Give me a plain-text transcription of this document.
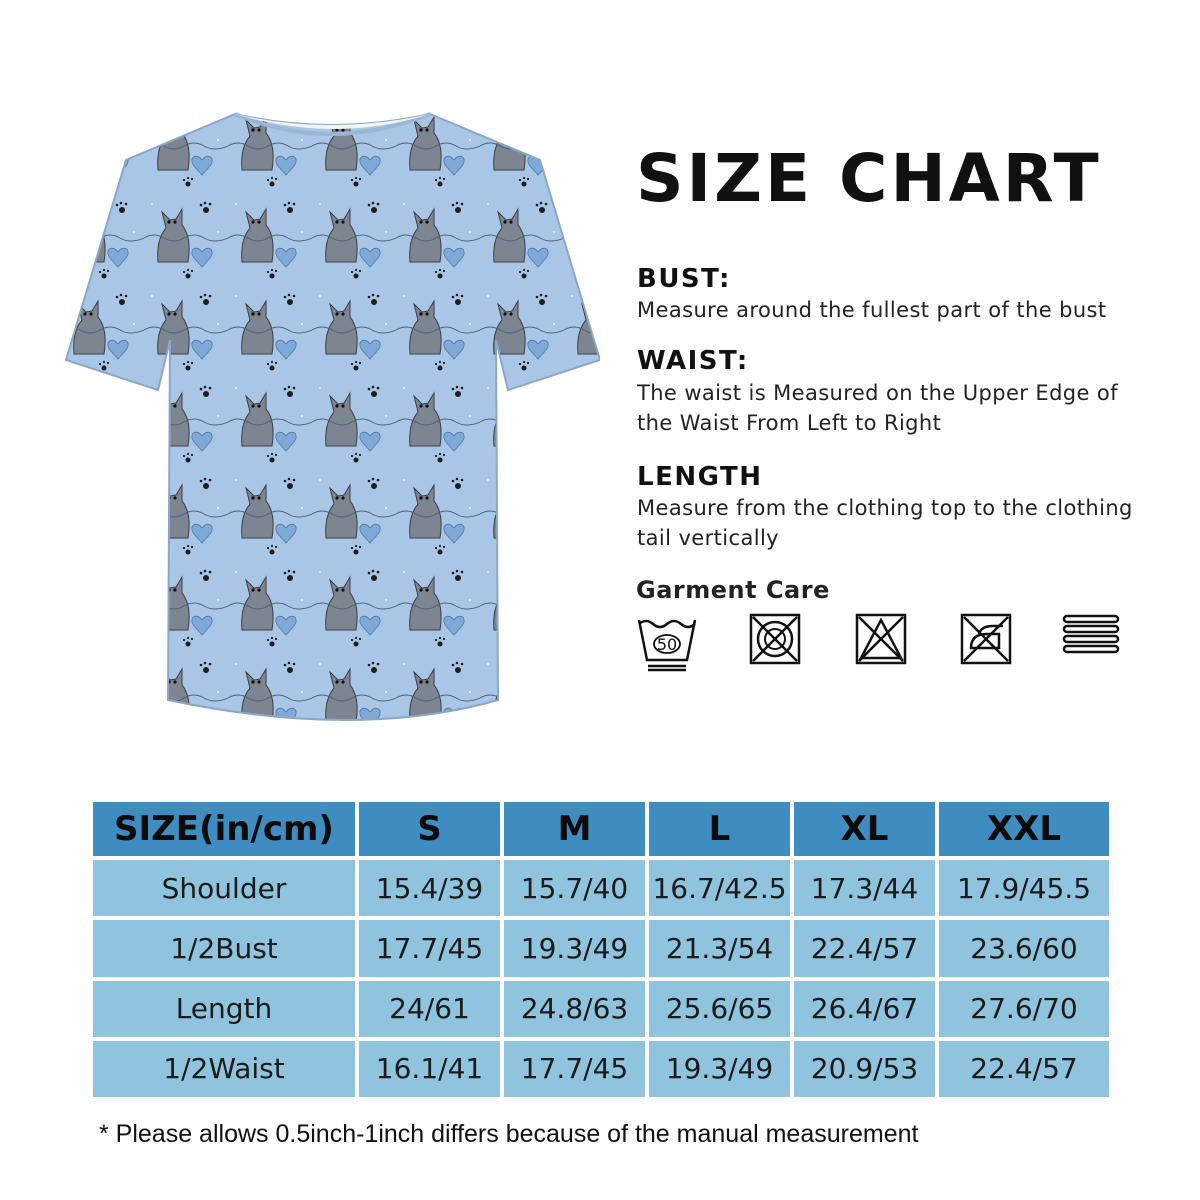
SIZE CHART
BUST:

Measure around the fullest part of the bust

WAIST:

The waist is Measured on the Upper Edge of

the Waist From Left to Right

LENGTH

Measure from the clothing top to the clothing

tail vertically

Garment Care
50
SIZE(in/cm)	S	M	L	XL	XXL
Shoulder	15.4/39	15.7/40	16.7/42.5	17.3/44	17.9/45.5
1/2Bust	17.7/45	19.3/49	21.3/54	22.4/57	23.6/60
Length	24/61	24.8/63	25.6/65	26.4/67	27.6/70
1/2Waist	16.1/41	17.7/45	19.3/49	20.9/53	22.4/57

* Please allows 0.5inch-1inch differs because of the manual measurement
